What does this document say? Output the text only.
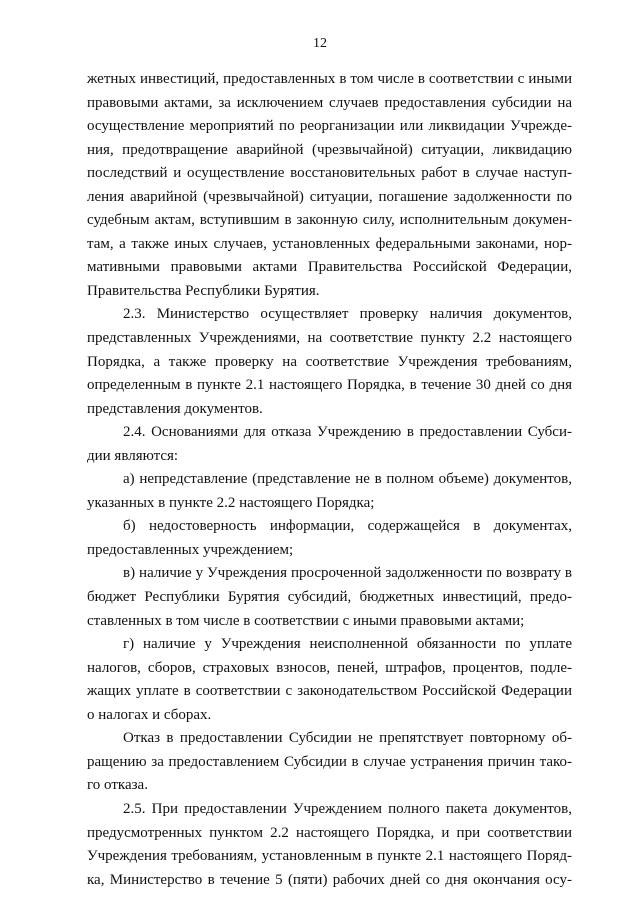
12
жетных инвестиций, предоставленных в том числе в соответствии с иными
правовыми актами, за исключением случаев предоставления субсидии на
осуществление мероприятий по реорганизации или ликвидации Учрежде-
ния, предотвращение аварийной (чрезвычайной) ситуации, ликвидацию
последствий и осуществление восстановительных работ в случае наступ-
ления аварийной (чрезвычайной) ситуации, погашение задолженности по
судебным актам, вступившим в законную силу, исполнительным докумен-
там, а также иных случаев, установленных федеральными законами, нор-
мативными правовыми актами Правительства Российской Федерации,
Правительства Республики Бурятия.
2.3. Министерство осуществляет проверку наличия документов,
представленных Учреждениями, на соответствие пункту 2.2 настоящего
Порядка, а также проверку на соответствие Учреждения требованиям,
определенным в пункте 2.1 настоящего Порядка, в течение 30 дней со дня
представления документов.
2.4. Основаниями для отказа Учреждению в предоставлении Субси-
дии являются:
а) непредставление (представление не в полном объеме) документов,
указанных в пункте 2.2 настоящего Порядка;
б) недостоверность информации, содержащейся в документах,
предоставленных учреждением;
в) наличие у Учреждения просроченной задолженности по возврату в
бюджет Республики Бурятия субсидий, бюджетных инвестиций, предо-
ставленных в том числе в соответствии с иными правовыми актами;
г) наличие у Учреждения неисполненной обязанности по уплате
налогов, сборов, страховых взносов, пеней, штрафов, процентов, подле-
жащих уплате в соответствии с законодательством Российской Федерации
о налогах и сборах.
Отказ в предоставлении Субсидии не препятствует повторному об-
ращению за предоставлением Субсидии в случае устранения причин тако-
го отказа.
2.5. При предоставлении Учреждением полного пакета документов,
предусмотренных пунктом 2.2 настоящего Порядка, и при соответствии
Учреждения требованиям, установленным в пункте 2.1 настоящего Поряд-
ка, Министерство в течение 5 (пяти) рабочих дней со дня окончания осу-
